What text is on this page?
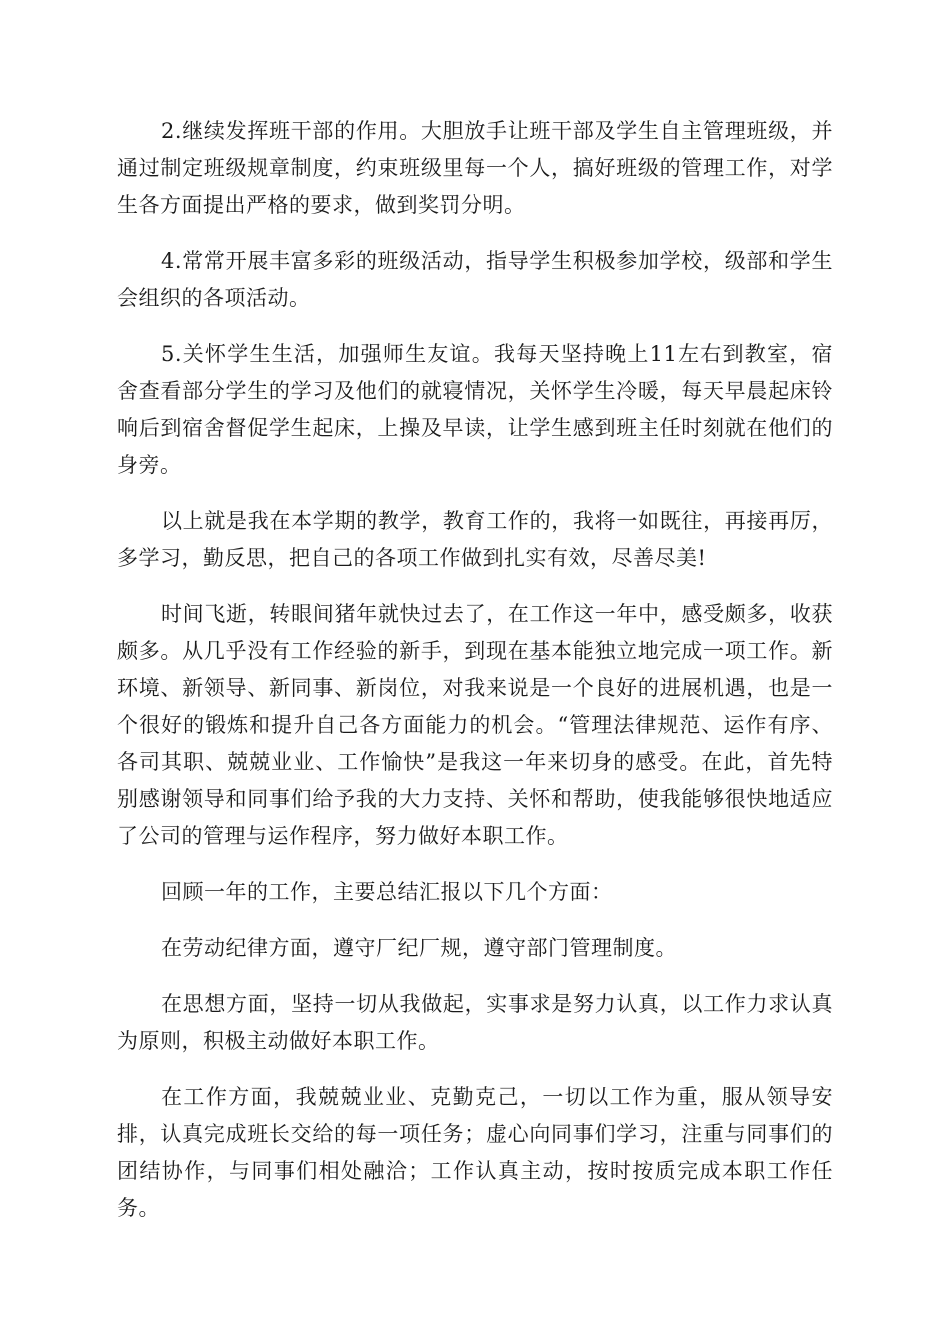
2.继续发挥班干部的作用。大胆放手让班干部及学生自主管理班级，并通过制定班级规章制度，约束班级里每一个人，搞好班级的管理工作，对学生各方面提出严格的要求，做到奖罚分明。

4.常常开展丰富多彩的班级活动，指导学生积极参加学校，级部和学生会组织的各项活动。

5.关怀学生生活，加强师生友谊。我每天坚持晚上11左右到教室，宿舍查看部分学生的学习及他们的就寝情况，关怀学生冷暖，每天早晨起床铃响后到宿舍督促学生起床，上操及早读，让学生感到班主任时刻就在他们的身旁。

以上就是我在本学期的教学，教育工作的，我将一如既往，再接再厉，多学习，勤反思，把自己的各项工作做到扎实有效，尽善尽美!

时间飞逝，转眼间猪年就快过去了，在工作这一年中，感受颇多，收获颇多。从几乎没有工作经验的新手，到现在基本能独立地完成一项工作。新环境、新领导、新同事、新岗位，对我来说是一个良好的进展机遇，也是一个很好的锻炼和提升自己各方面能力的机会。“管理法律规范、运作有序、各司其职、兢兢业业、工作愉快”是我这一年来切身的感受。在此，首先特别感谢领导和同事们给予我的大力支持、关怀和帮助，使我能够很快地适应了公司的管理与运作程序，努力做好本职工作。

回顾一年的工作，主要总结汇报以下几个方面：

在劳动纪律方面，遵守厂纪厂规，遵守部门管理制度。

在思想方面，坚持一切从我做起，实事求是努力认真，以工作力求认真为原则，积极主动做好本职工作。

在工作方面，我兢兢业业、克勤克己，一切以工作为重，服从领导安排，认真完成班长交给的每一项任务；虚心向同事们学习，注重与同事们的团结协作，与同事们相处融洽；工作认真主动，按时按质完成本职工作任务。
